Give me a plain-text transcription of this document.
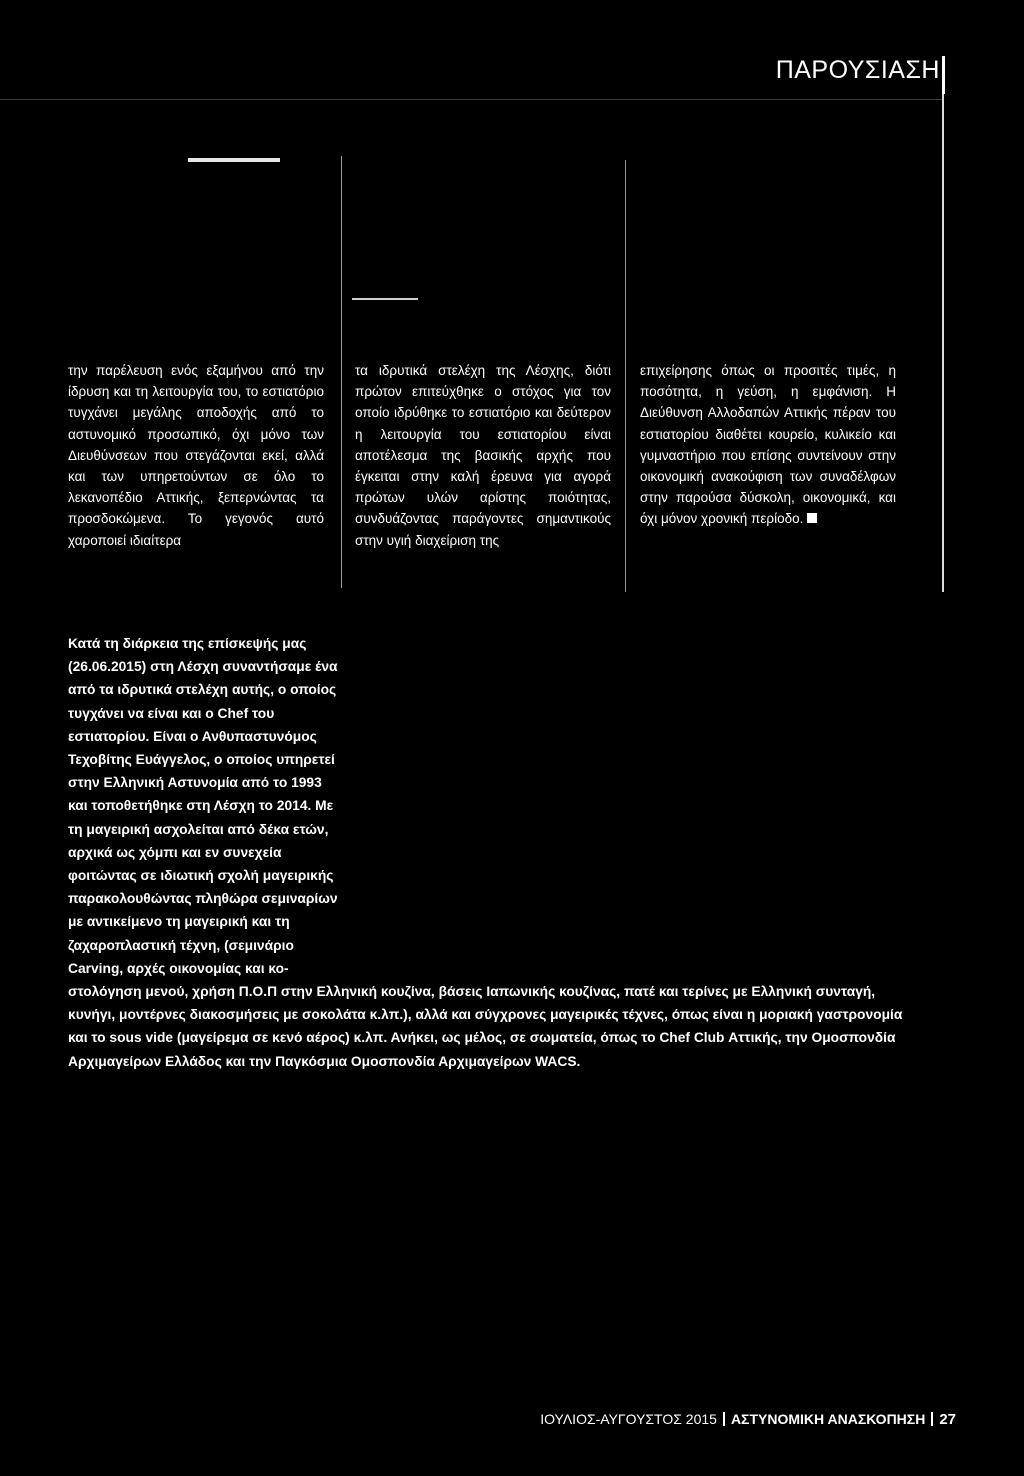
ΠΑΡΟΥΣΙΑΣΗ

την παρέλευση ενός εξαμήνου από την ίδρυση και τη λειτουργία του, το εστιατόριο τυγχάνει μεγάλης αποδοχής από το αστυνομικό προσωπικό, όχι μόνο των Διευθύνσεων που στεγάζονται εκεί, αλλά και των υπηρετούντων σε όλο το λεκανοπέδιο Αττικής, ξεπερνώντας τα προσδοκώμενα. Το γεγονός αυτό χαροποιεί ιδιαίτερα

τα ιδρυτικά στελέχη της Λέσχης, διότι πρώτον επιτεύχθηκε ο στόχος για τον οποίο ιδρύθηκε το εστιατόριο και δεύτερον η λειτουργία του εστιατορίου είναι αποτέλεσμα της βασικής αρχής που έγκειται στην καλή έρευνα για αγορά πρώτων υλών αρίστης ποιότητας, συνδυάζοντας παράγοντες σημαντικούς στην υγιή διαχείριση της

επιχείρησης όπως οι προσιτές τιμές, η ποσότητα, η γεύση, η εμφάνιση. Η Διεύθυνση Αλλοδαπών Αττικής πέραν του εστιατορίου διαθέτει κουρείο, κυλικείο και γυμναστήριο που επίσης συντείνουν στην οικονομική ανακούφιση των συναδέλφων στην παρούσα δύσκολη, οικονομικά, και όχι μόνον χρονική περίοδο.

Κατά τη διάρκεια της επίσκεψής μας (26.06.2015) στη Λέσχη συναντήσαμε ένα από τα ιδρυτικά στελέχη αυτής, ο οποίος τυγχάνει να είναι και ο Chef του εστιατορίου. Είναι ο Ανθυπαστυνόμος Τεχοβίτης Ευάγγελος, ο οποίος υπηρετεί στην Ελληνική Αστυνομία από το 1993 και τοποθετήθηκε στη Λέσχη το 2014. Με τη μαγειρική ασχολείται από δέκα ετών, αρχικά ως χόμπι και εν συνεχεία φοιτώντας σε ιδιωτική σχολή μαγειρικής παρακολουθώντας πληθώρα σεμιναρίων με αντικείμενο τη μαγειρική και τη ζαχαροπλαστική τέχνη, (σεμινάριο Carving, αρχές οικονομίας και κο-

στολόγηση μενού, χρήση Π.Ο.Π στην Ελληνική κουζίνα, βάσεις Ιαπωνικής κουζίνας, πατέ και τερίνες με Ελληνική συνταγή, κυνήγι, μοντέρνες διακοσμήσεις με σοκολάτα κ.λπ.), αλλά και σύγχρονες μαγειρικές τέχνες, όπως είναι η μοριακή γαστρονομία και το sous vide (μαγείρεμα σε κενό αέρος) κ.λπ. Ανήκει, ως μέλος, σε σωματεία, όπως το Chef Club Αττικής, την Ομοσπονδία Αρχιμαγείρων Ελλάδος και την Παγκόσμια Ομοσπονδία Αρχιμαγείρων WACS.

ΙΟΥΛΙΟΣ-ΑΥΓΟΥΣΤΟΣ 2015 ΑΣΤΥΝΟΜΙΚΗ ΑΝΑΣΚΟΠΗΣΗ 27
